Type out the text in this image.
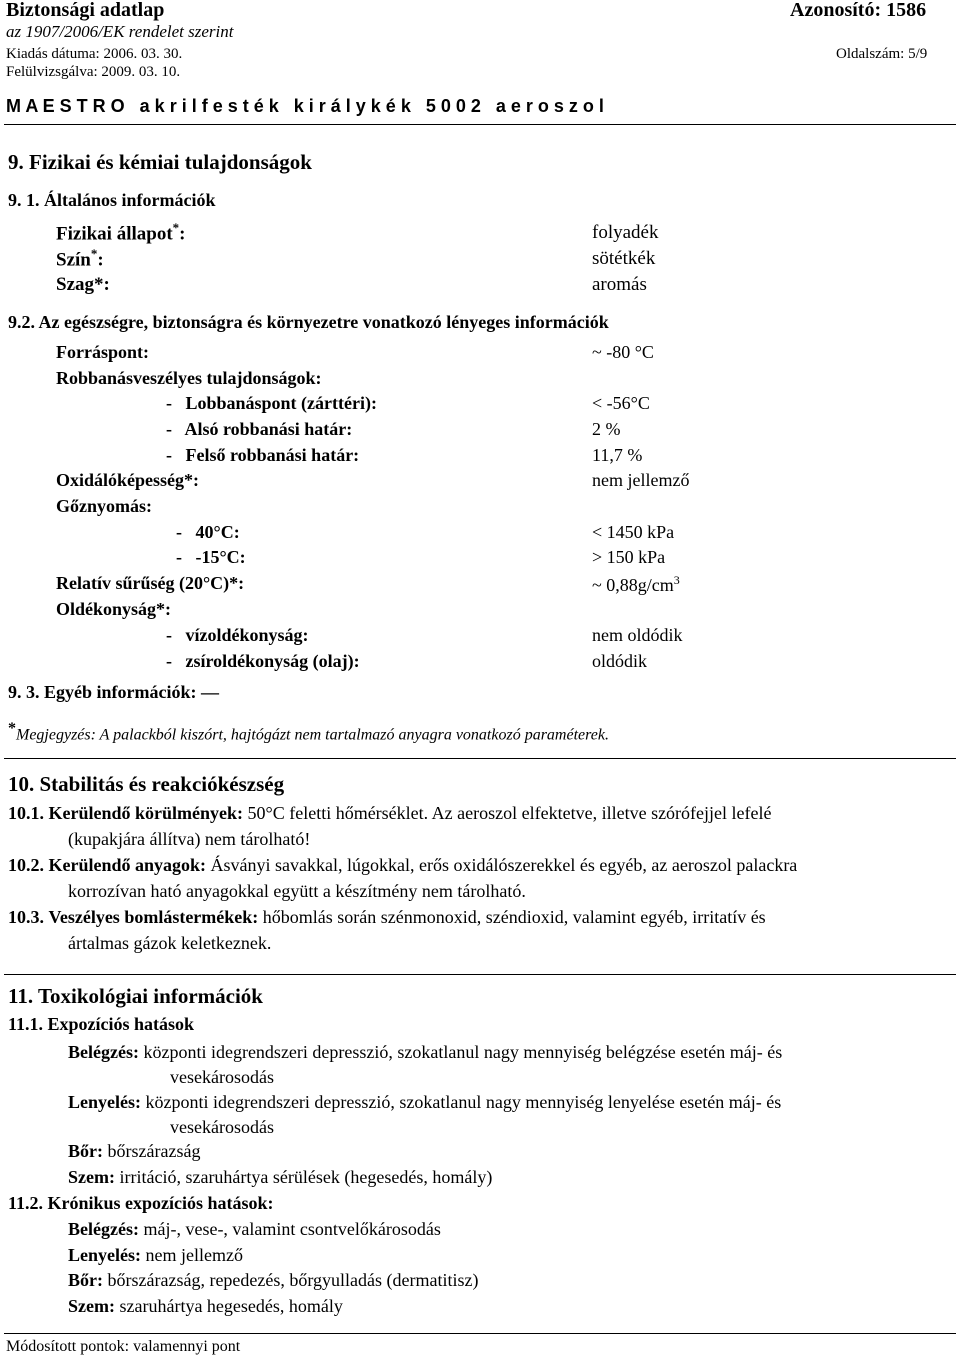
Biztonsági adatlap	Azonosító: 1586
az 1907/2006/EK rendelet szerint
Kiadás dátuma: 2006. 03. 30.	Oldalszám: 5/9
Felülvizsgálva: 2009. 03. 10.
M A E S T R O   a k r i l f e s t é k   k i r á l y k é k   5 0 0 2   a e r o s z o l
9. Fizikai és kémiai tulajdonságok
9. 1. Általános információk
Fizikai állapot*:	folyadék
Szín*:	sötétkék
Szag*:	aromás
9.2. Az egészségre, biztonságra és környezetre vonatkozó lényeges információk
Forráspont:	~ -80 °C
Robbanásveszélyes tulajdonságok:
-   Lobbanáspont (zárttéri):	< -56°C
-   Alsó robbanási határ:	2 %
-   Felső robbanási határ:	11,7 %
Oxidálóképesség*:	nem jellemző
Gőznyomás:
-   40°C:	< 1450 kPa
-   -15°C:	> 150 kPa
Relatív sűrűség (20°C)*:	~ $0,88g/cm^3$
Oldékonyság*:
-   vízoldékonyság:	nem oldódik
-   zsíroldékonyság (olaj):	oldódik
9. 3. Egyéb információk: —
*Megjegyzés: A palackból kiszórt, hajtógázt nem tartalmazó anyagra vonatkozó paraméterek.
10. Stabilitás és reakciókészség
10.1. Kerülendő körülmények: 50°C feletti hőmérséklet. Az aeroszol elfektetve, illetve szórófejjel lefelé
(kupakjára állítva) nem tárolható!
10.2. Kerülendő anyagok: Ásványi savakkal, lúgokkal, erős oxidálószerekkel és egyéb, az aeroszol palackra
korrozívan ható anyagokkal együtt a készítmény nem tárolható.
10.3. Veszélyes bomlástermékek: hőbomlás során szénmonoxid, széndioxid, valamint egyéb, irritatív és
ártalmas gázok keletkeznek.
11. Toxikológiai információk
11.1. Expozíciós hatások
Belégzés: központi idegrendszeri depresszió, szokatlanul nagy mennyiség belégzése esetén máj- és
vesekárosodás
Lenyelés: központi idegrendszeri depresszió, szokatlanul nagy mennyiség lenyelése esetén máj- és
vesekárosodás
Bőr: bőrszárazság
Szem: irritáció, szaruhártya sérülések (hegesedés, homály)
11.2. Krónikus expozíciós hatások:
Belégzés: máj-, vese-, valamint csontvelőkárosodás
Lenyelés: nem jellemző
Bőr: bőrszárazság, repedezés, bőrgyulladás (dermatitisz)
Szem: szaruhártya hegesedés, homály
Módosított pontok: valamennyi pont
